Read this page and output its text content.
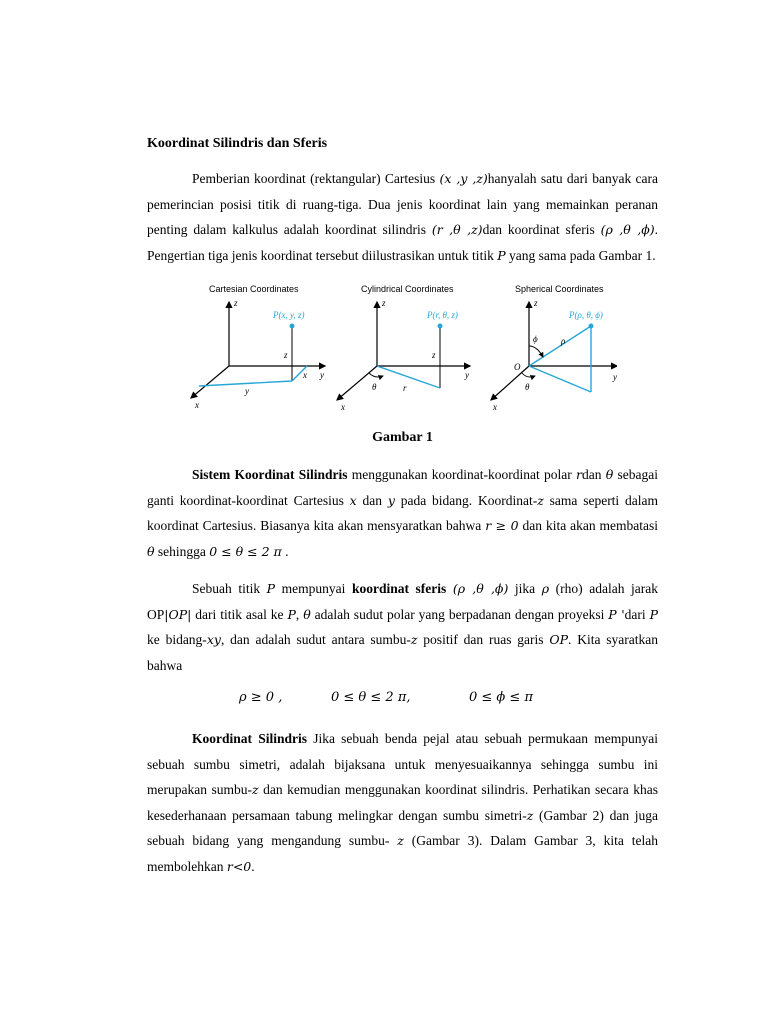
Koordinat Silindris dan Sferis

Pemberian koordinat (rektangular) Cartesius (x ,y ,z)hanyalah satu dari banyak cara pemerincian posisi titik di ruang-tiga. Dua jenis koordinat lain yang memainkan peranan penting dalam kalkulus adalah koordinat silindris (r ,θ ,z)dan koordinat sferis (ρ ,θ ,ϕ). Pengertian tiga jenis koordinat tersebut diilustrasikan untuk titik P yang sama pada Gambar 1.

Cartesian Coordinates
P(x, y, z)
z
y
x
z
x
y
Cylindrical Coordinates
P(r, θ, z)
z
y
x
z
θ	r
Spherical Coordinates
P(ρ, θ, ϕ)
z
y
x
O
ϕ	ρ
θ
Gambar 1

Sistem Koordinat Silindris menggunakan koordinat-koordinat polar rdan θ sebagai ganti koordinat-koordinat Cartesius x dan y pada bidang. Koordinat-z sama seperti dalam koordinat Cartesius. Biasanya kita akan mensyaratkan bahwa r ≥ 0 dan kita akan membatasi θ sehingga 0 ≤ θ ≤ 2 π .

Sebuah titik P mempunyai koordinat sferis (ρ ,θ ,ϕ) jika ρ (rho) adalah jarak OP|OP| dari titik asal ke P, θ adalah sudut polar yang berpadanan dengan proyeksi P 'dari P ke bidang-xy, dan adalah sudut antara sumbu-z positif dan ruas garis OP. Kita syaratkan bahwa

ρ ≥ 0 ,	0 ≤ θ ≤ 2 π,	0 ≤ ϕ ≤ π

Koordinat Silindris Jika sebuah benda pejal atau sebuah permukaan mempunyai sebuah sumbu simetri, adalah bijaksana untuk menyesuaikannya sehingga sumbu ini merupakan sumbu-z dan kemudian menggunakan koordinat silindris. Perhatikan secara khas kesederhanaan persamaan tabung melingkar dengan sumbu simetri-z (Gambar 2) dan juga sebuah bidang yang mengandung sumbu- z (Gambar 3). Dalam Gambar 3, kita telah membolehkan r<0.
